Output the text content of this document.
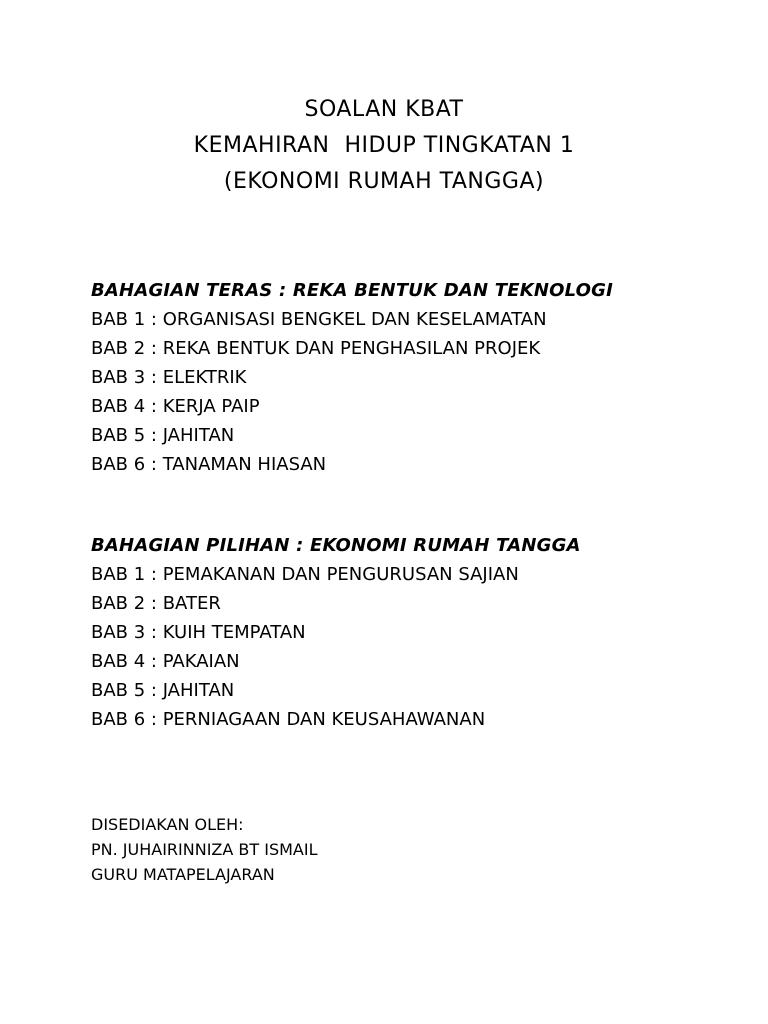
SOALAN KBAT
KEMAHIRAN  HIDUP TINGKATAN 1
(EKONOMI RUMAH TANGGA)
BAHAGIAN TERAS : REKA BENTUK DAN TEKNOLOGI
BAB 1 : ORGANISASI BENGKEL DAN KESELAMATAN
BAB 2 : REKA BENTUK DAN PENGHASILAN PROJEK
BAB 3 : ELEKTRIK
BAB 4 : KERJA PAIP
BAB 5 : JAHITAN
BAB 6 : TANAMAN HIASAN
BAHAGIAN PILIHAN : EKONOMI RUMAH TANGGA
BAB 1 : PEMAKANAN DAN PENGURUSAN SAJIAN
BAB 2 : BATER
BAB 3 : KUIH TEMPATAN
BAB 4 : PAKAIAN
BAB 5 : JAHITAN
BAB 6 : PERNIAGAAN DAN KEUSAHAWANAN
DISEDIAKAN OLEH:
PN. JUHAIRINNIZA BT ISMAIL
GURU MATAPELAJARAN
